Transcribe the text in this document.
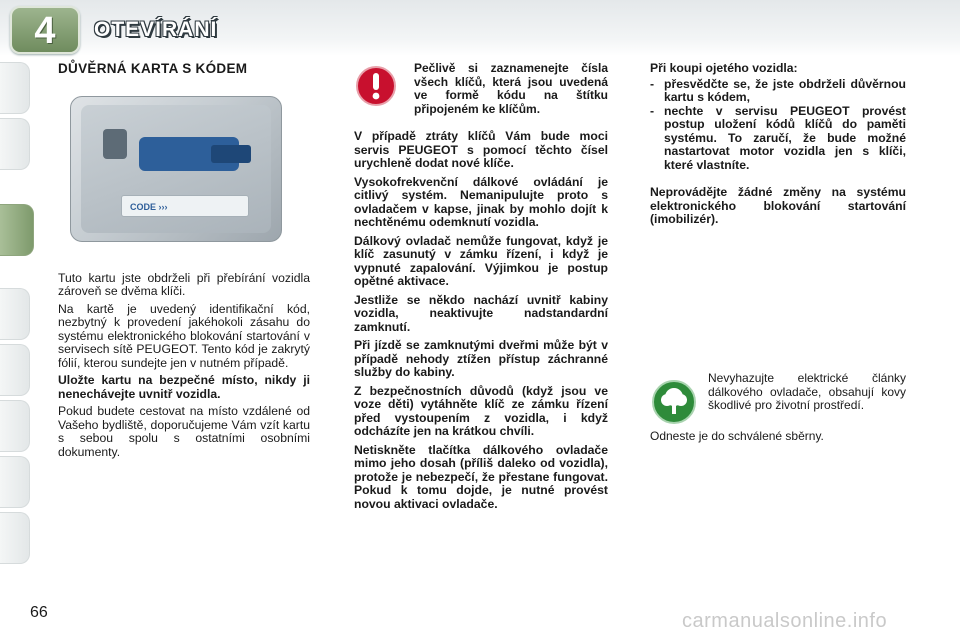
4	OTEVÍRÁNÍ
DŮVĚRNÁ KARTA S KÓDEM
CODE ›››

Tuto kartu jste obdrželi při přebírání vozidla zároveň se dvěma klíči.

Na kartě je uvedený identifikační kód, nezbytný k provedení jakéhokoli zásahu do systému elektronického blokování startování v servisech sítě PEUGEOT. Tento kód je zakrytý fólií, kterou sundejte jen v nutném případě.

Uložte kartu na bezpečné místo, nikdy ji nenechávejte uvnitř vozidla.

Pokud budete cestovat na místo vzdálené od Vašeho bydliště, doporučujeme Vám vzít kartu s sebou spolu s ostatními osobními dokumenty.

Pečlivě si zaznamenejte čísla všech klíčů, která jsou uvedená ve formě kódu na štítku připojeném ke klíčům.

V případě ztráty klíčů Vám bude moci servis PEUGEOT s pomocí těchto čísel urychleně dodat nové klíče.

Vysokofrekvenční dálkové ovládání je citlivý systém. Nemanipulujte proto s ovladačem v kapse, jinak by mohlo dojít k nechtěnému odemknutí vozidla.

Dálkový ovladač nemůže fungovat, když je klíč zasunutý v zámku řízení, i když je vypnuté zapalování. Výjimkou je postup opětné aktivace.

Jestliže se někdo nachází uvnitř kabiny vozidla, neaktivujte nadstandardní zamknutí.

Při jízdě se zamknutými dveřmi může být v případě nehody ztížen přístup záchranné služby do kabiny.

Z bezpečnostních důvodů (když jsou ve voze děti) vytáhněte klíč ze zámku řízení před vystoupením z vozidla, i když odcházíte jen na krátkou chvíli.

Netiskněte tlačítka dálkového ovladače mimo jeho dosah (příliš daleko od vozidla), protože je nebezpečí, že přestane fungovat. Pokud k tomu dojde, je nutné provést novou aktivaci ovladače.

Při koupi ojetého vozidla:

- přesvědčte se, že jste obdrželi důvěrnou kartu s kódem,
- nechte v servisu PEUGEOT provést postup uložení kódů klíčů do paměti systému. To zaručí, že bude možné nastartovat motor vozidla jen s klíči, které vlastníte.

Neprovádějte žádné změny na systému elektronického blokování startování (imobilizér).

Nevyhazujte elektrické články dálkového ovladače, obsahují kovy škodlivé pro životní prostředí.
Odneste je do schválené sběrny.
66	carmanualsonline.info
